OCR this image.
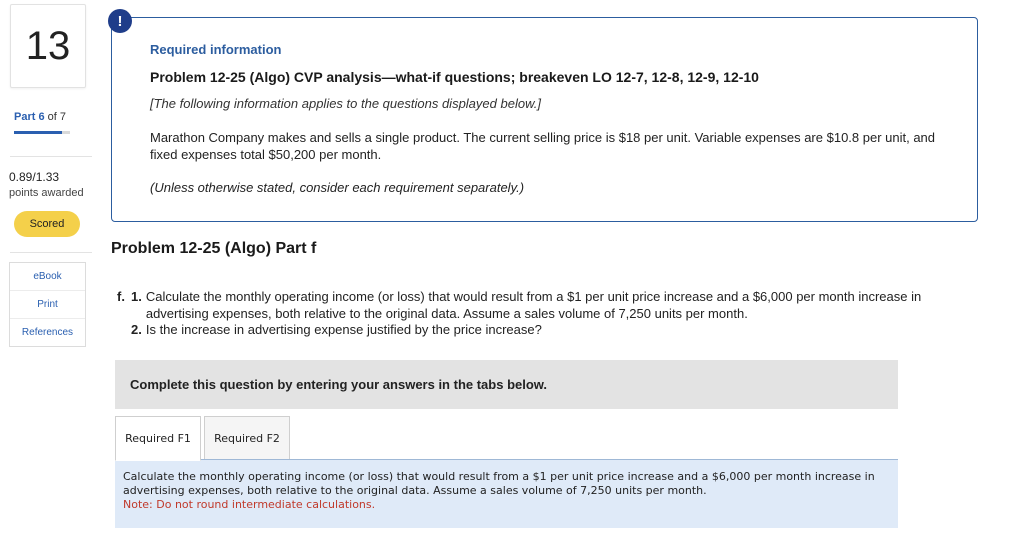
13
Part 6 of 7
0.89/1.33
points awarded
Scored
eBook
Print
References
Required information
Problem 12-25 (Algo) CVP analysis—what-if questions; breakeven LO 12-7, 12-8, 12-9, 12-10
[The following information applies to the questions displayed below.]
Marathon Company makes and sells a single product. The current selling price is $18 per unit. Variable expenses are $10.8 per unit, and fixed expenses total $50,200 per month.
(Unless otherwise stated, consider each requirement separately.)
!
Problem 12-25 (Algo) Part f
f. 1. Calculate the monthly operating income (or loss) that would result from a $1 per unit price increase and a $6,000 per month increase in advertising expenses, both relative to the original data. Assume a sales volume of 7,250 units per month.
2. Is the increase in advertising expense justified by the price increase?
Complete this question by entering your answers in the tabs below.
Required F1	Required F2
Calculate the monthly operating income (or loss) that would result from a $1 per unit price increase and a $6,000 per month increase in advertising expenses, both relative to the original data. Assume a sales volume of 7,250 units per month.
Note: Do not round intermediate calculations.
